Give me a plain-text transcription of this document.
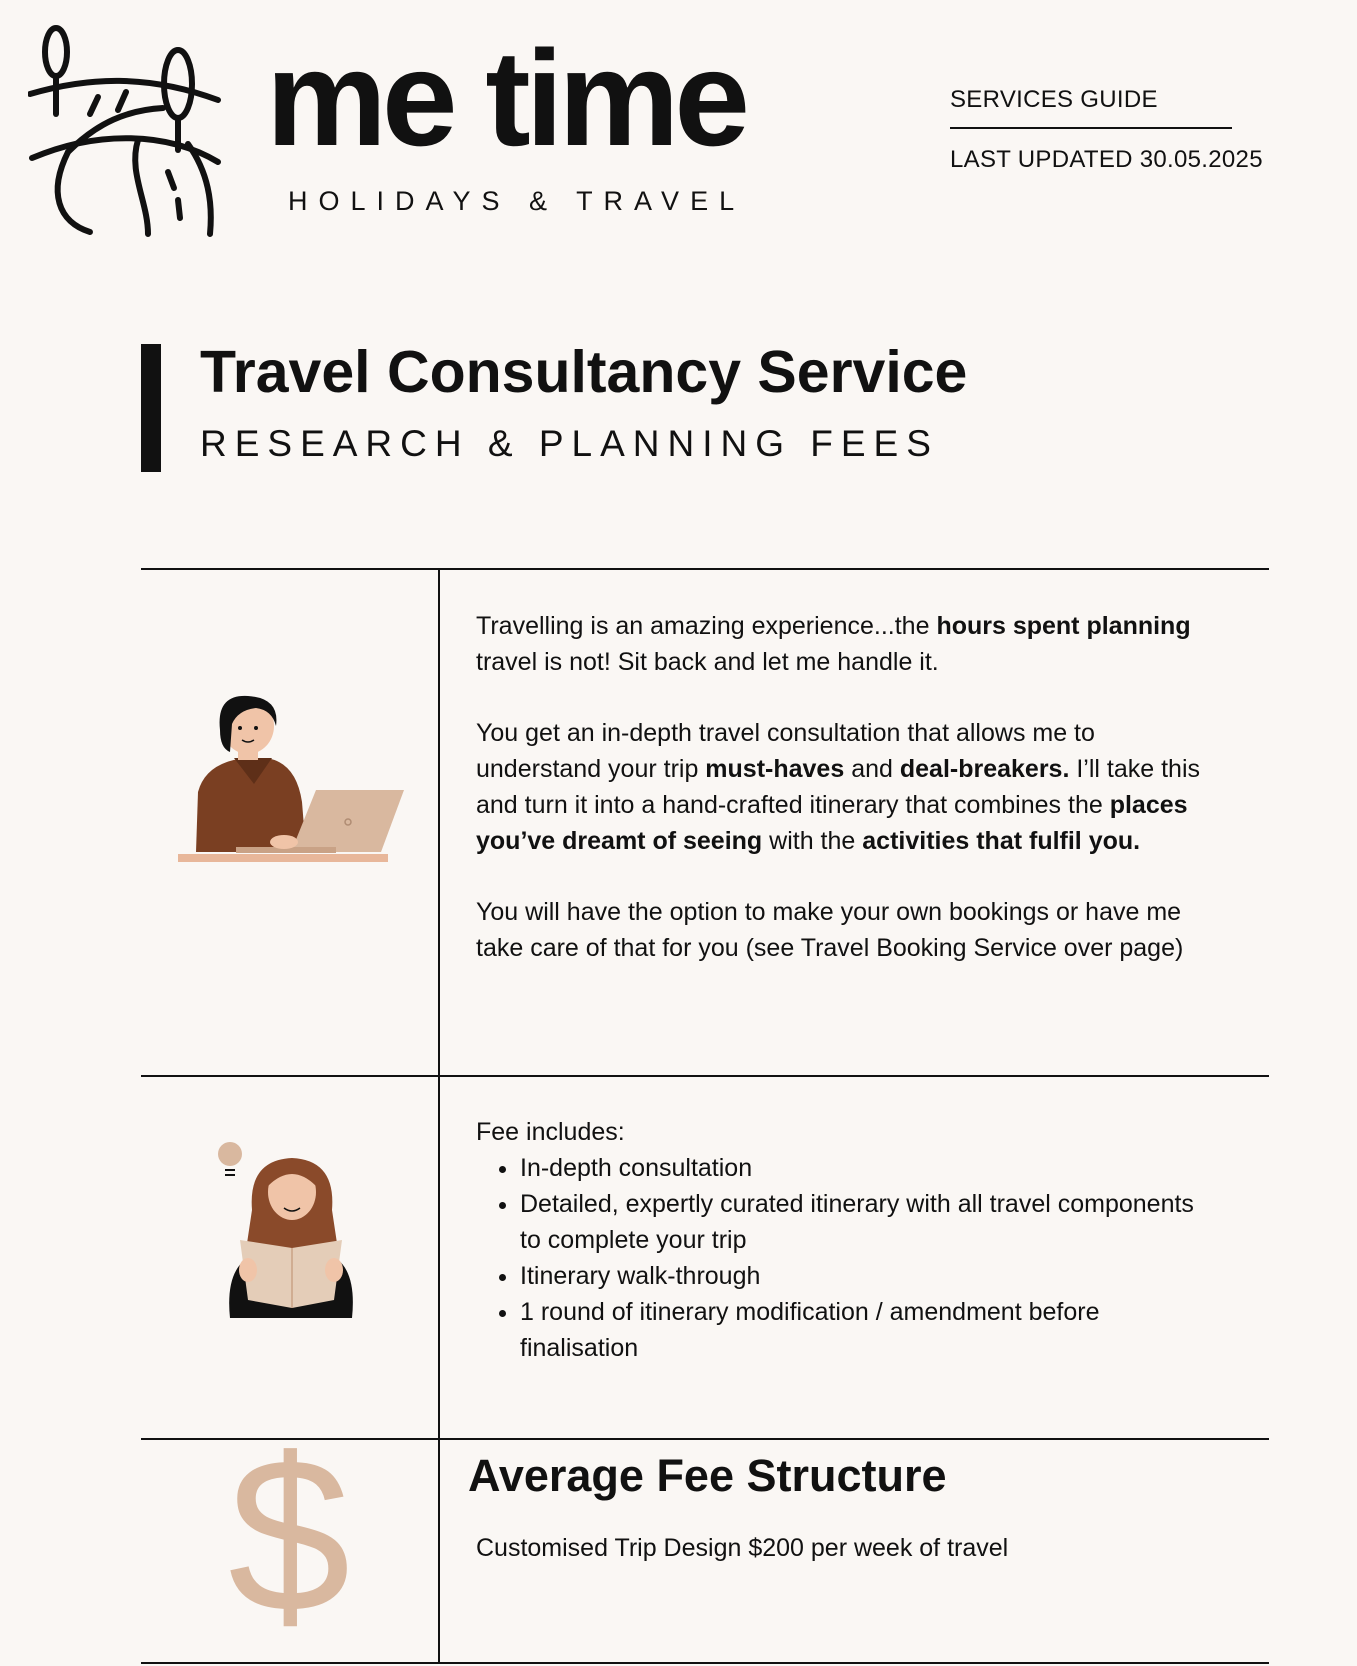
me time
HOLIDAYS & TRAVEL
SERVICES GUIDE
LAST UPDATED 30.05.2025
Travel Consultancy Service
RESEARCH & PLANNING FEES

Travelling is an amazing experience...the hours spent planning travel is not! Sit back and let me handle it.

You get an in-depth travel consultation that allows me to understand your trip must-haves and deal-breakers. I’ll take this and turn it into a hand-crafted itinerary that combines the places you’ve dreamt of seeing with the activities that fulfil you.

You will have the option to make your own bookings or have me take care of that for you (see Travel Booking Service over page)

Fee includes:
• In-depth consultation
• Detailed, expertly curated itinerary with all travel components to complete your trip
• Itinerary walk-through
• 1 round of itinerary modification / amendment before finalisation
$	Average Fee Structure
Customised Trip Design $200 per week of travel
